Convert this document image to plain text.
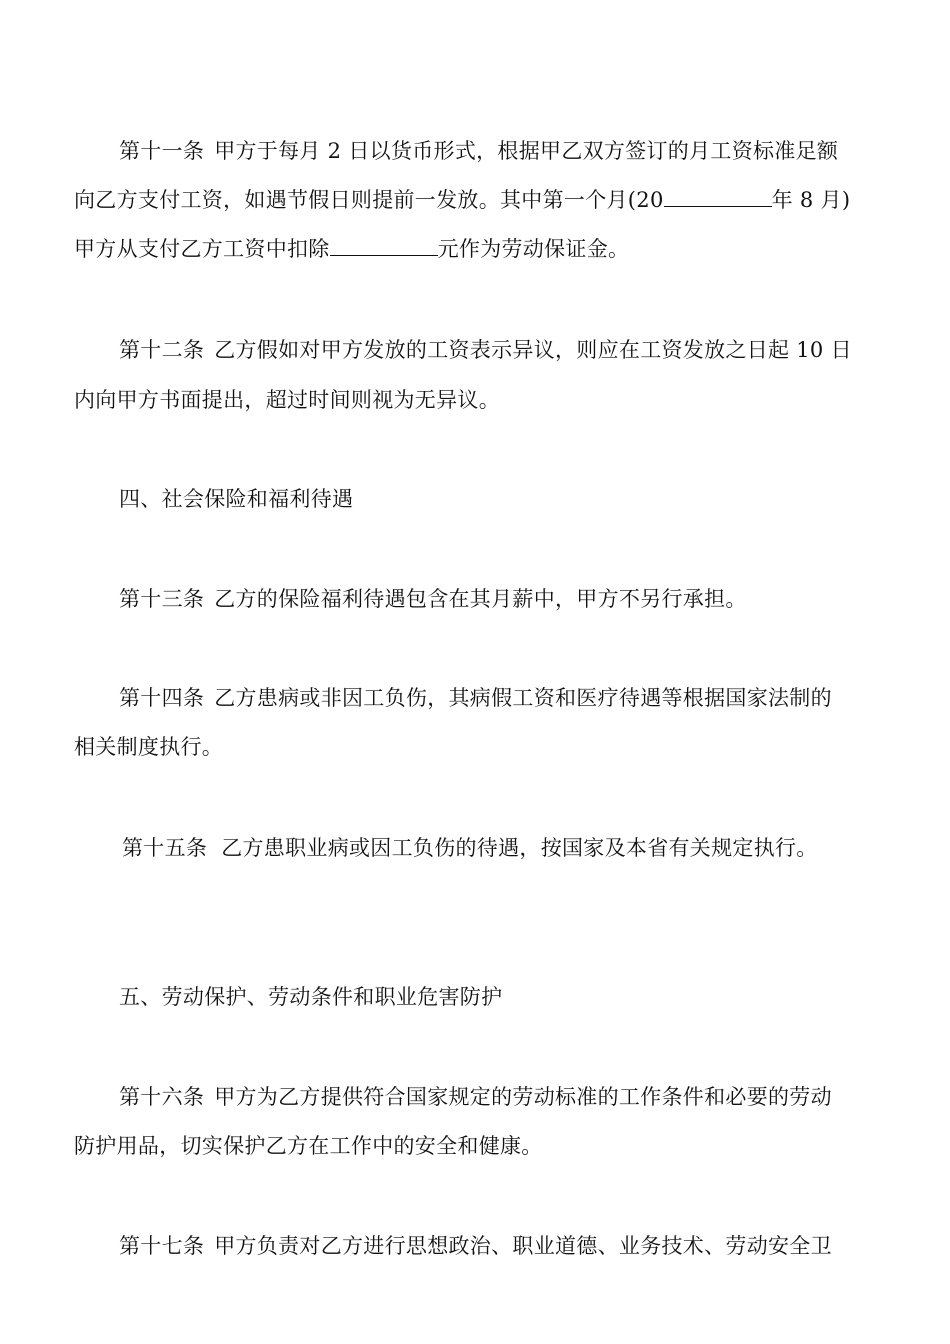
第十一条 甲方于每月 2 日以货币形式，根据甲乙双方签订的月工资标准足额
向乙方支付工资，如遇节假日则提前一发放。其中第一个月(20	年 8 月)
甲方从支付乙方工资中扣除	元作为劳动保证金。
第十二条 乙方假如对甲方发放的工资表示异议，则应在工资发放之日起 10 日
内向甲方书面提出，超过时间则视为无异议。
四、社会保险和福利待遇
第十三条 乙方的保险福利待遇包含在其月薪中，甲方不另行承担。
第十四条 乙方患病或非因工负伤，其病假工资和医疗待遇等根据国家法制的
相关制度执行。
第十五条 乙方患职业病或因工负伤的待遇，按国家及本省有关规定执行。
五、劳动保护、劳动条件和职业危害防护
第十六条 甲方为乙方提供符合国家规定的劳动标准的工作条件和必要的劳动
防护用品，切实保护乙方在工作中的安全和健康。
第十七条 甲方负责对乙方进行思想政治、职业道德、业务技术、劳动安全卫
